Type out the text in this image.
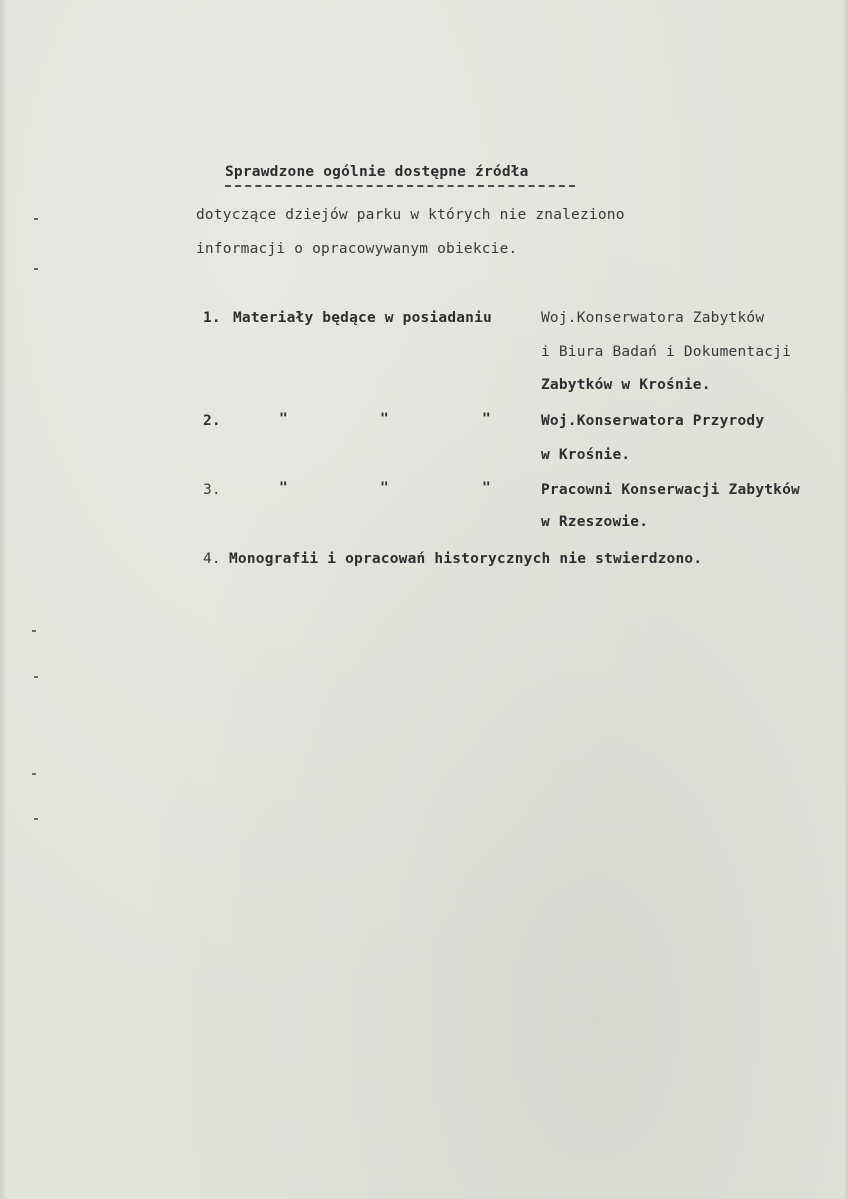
Sprawdzone ogólnie dostępne źródła
dotyczące dziejów parku w których nie znaleziono
informacji o opracowywanym obiekcie.
1. Materiały będące w posiadaniu	Woj.Konserwatora Zabytków
i Biura Badań i Dokumentacji
Zabytków w Krośnie.
2.	"	"	"	Woj.Konserwatora Przyrody
w Krośnie.
3.	"	"	"	Pracowni Konserwacji Zabytków
w Rzeszowie.
4. Monografii i opracowań historycznych nie stwierdzono.
